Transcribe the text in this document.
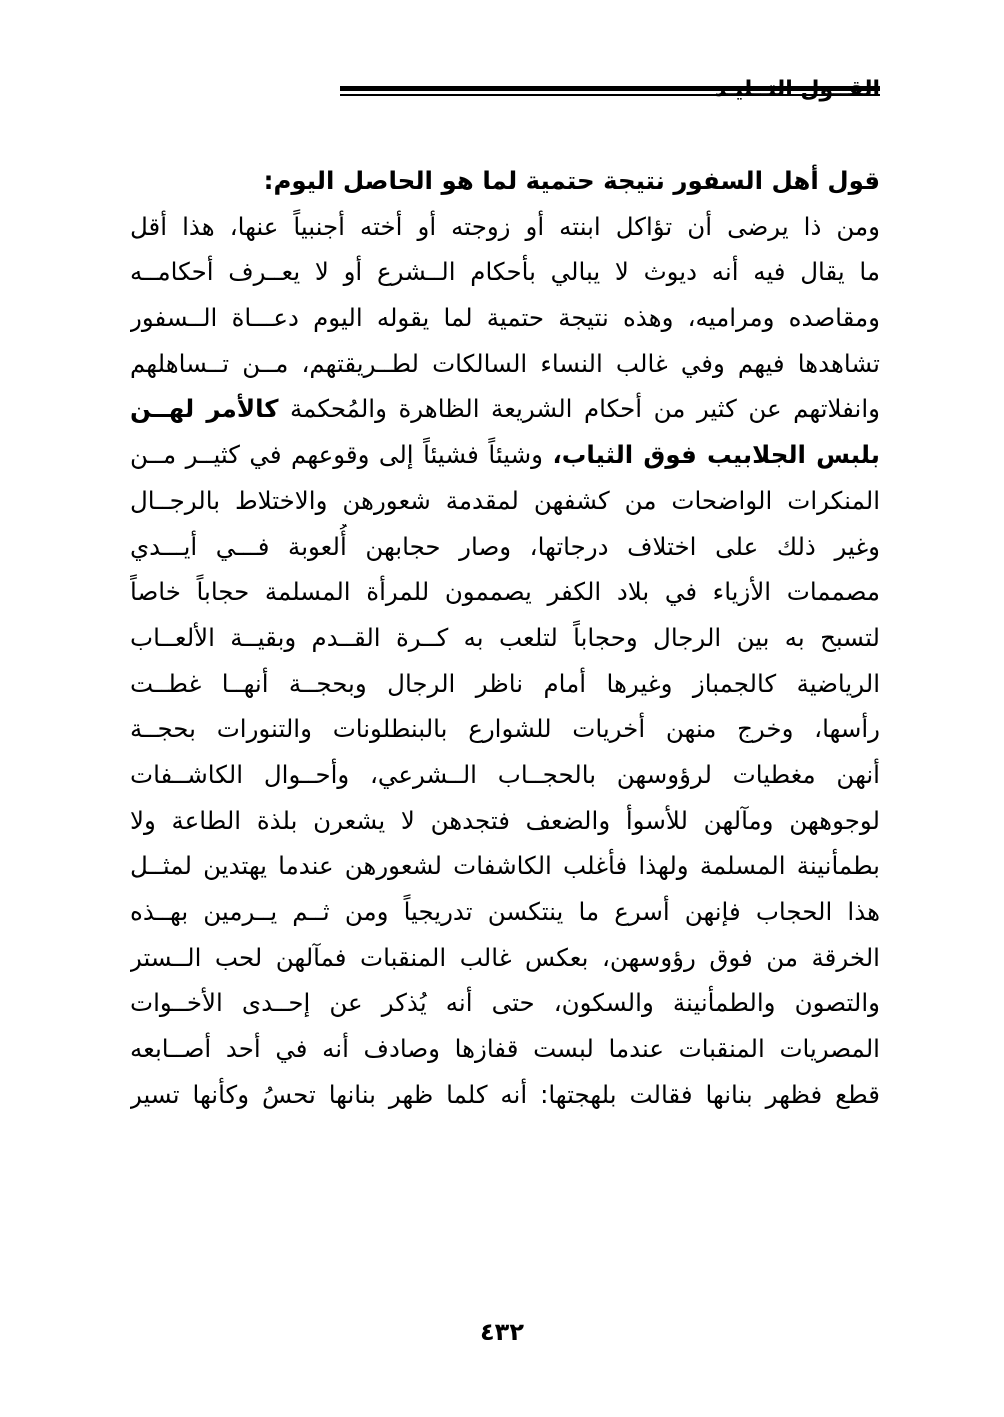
قول أهل السفور نتيجة حتمية لما هو الحاصل اليوم:
ومن ذا يرضى أن تؤاكل ابنته أو زوجته أو أخته أجنبياً عنها، هذا أقل
ما يقال فيه أنه ديوث لا يبالي بأحكام الــشرع أو لا يعــرف أحكامــه
ومقاصده ومراميه، وهذه نتيجة حتمية لما يقوله اليوم دعـــاة الــسفور
تشاهدها فيهم وفي غالب النساء السالكات لطــريقتهم، مــن تــساهلهم
وانفلاتهم عن كثير من أحكام الشريعة الظاهرة والمُحكمة كالأمر لهــن
بلبس الجلابيب فوق الثياب، وشيئاً فشيئاً إلى وقوعهم في كثيــر مــن
المنكرات الواضحات من كشفهن لمقدمة شعورهن والاختلاط بالرجــال
وغير ذلك على اختلاف درجاتها، وصار حجابهن أُلعوبة فـــي أيـــدي
مصممات الأزياء في بلاد الكفر يصممون للمرأة المسلمة حجاباً خاصاً
لتسبح به بين الرجال وحجاباً لتلعب به كــرة القــدم وبقيــة الألعــاب
الرياضية كالجمباز وغيرها أمام ناظر الرجال وبحجــة أنهــا غطــت
رأسها، وخرج منهن أخريات للشوارع بالبنطلونات والتنورات بحجــة
أنهن مغطيات لرؤوسهن بالحجــاب الــشرعي، وأحــوال الكاشــفات
لوجوههن ومآلهن للأسوأ والضعف فتجدهن لا يشعرن بلذة الطاعة ولا
بطمأنينة المسلمة ولهذا فأغلب الكاشفات لشعورهن عندما يهتدين لمثــل
هذا الحجاب فإنهن أسرع ما ينتكسن تدريجياً ومن ثــم يــرمين بهــذه
الخرقة من فوق رؤوسهن، بعكس غالب المنقبات فمآلهن لحب الــستر
والتصون والطمأنينة والسكون، حتى أنه يُذكر عن إحــدى الأخــوات
المصريات المنقبات عندما لبست قفازها وصادف أنه في أحد أصــابعه
قطع فظهر بنانها فقالت بلهجتها: أنه كلما ظهر بنانها تحسُ وكأنها تسير
٤٣٢
